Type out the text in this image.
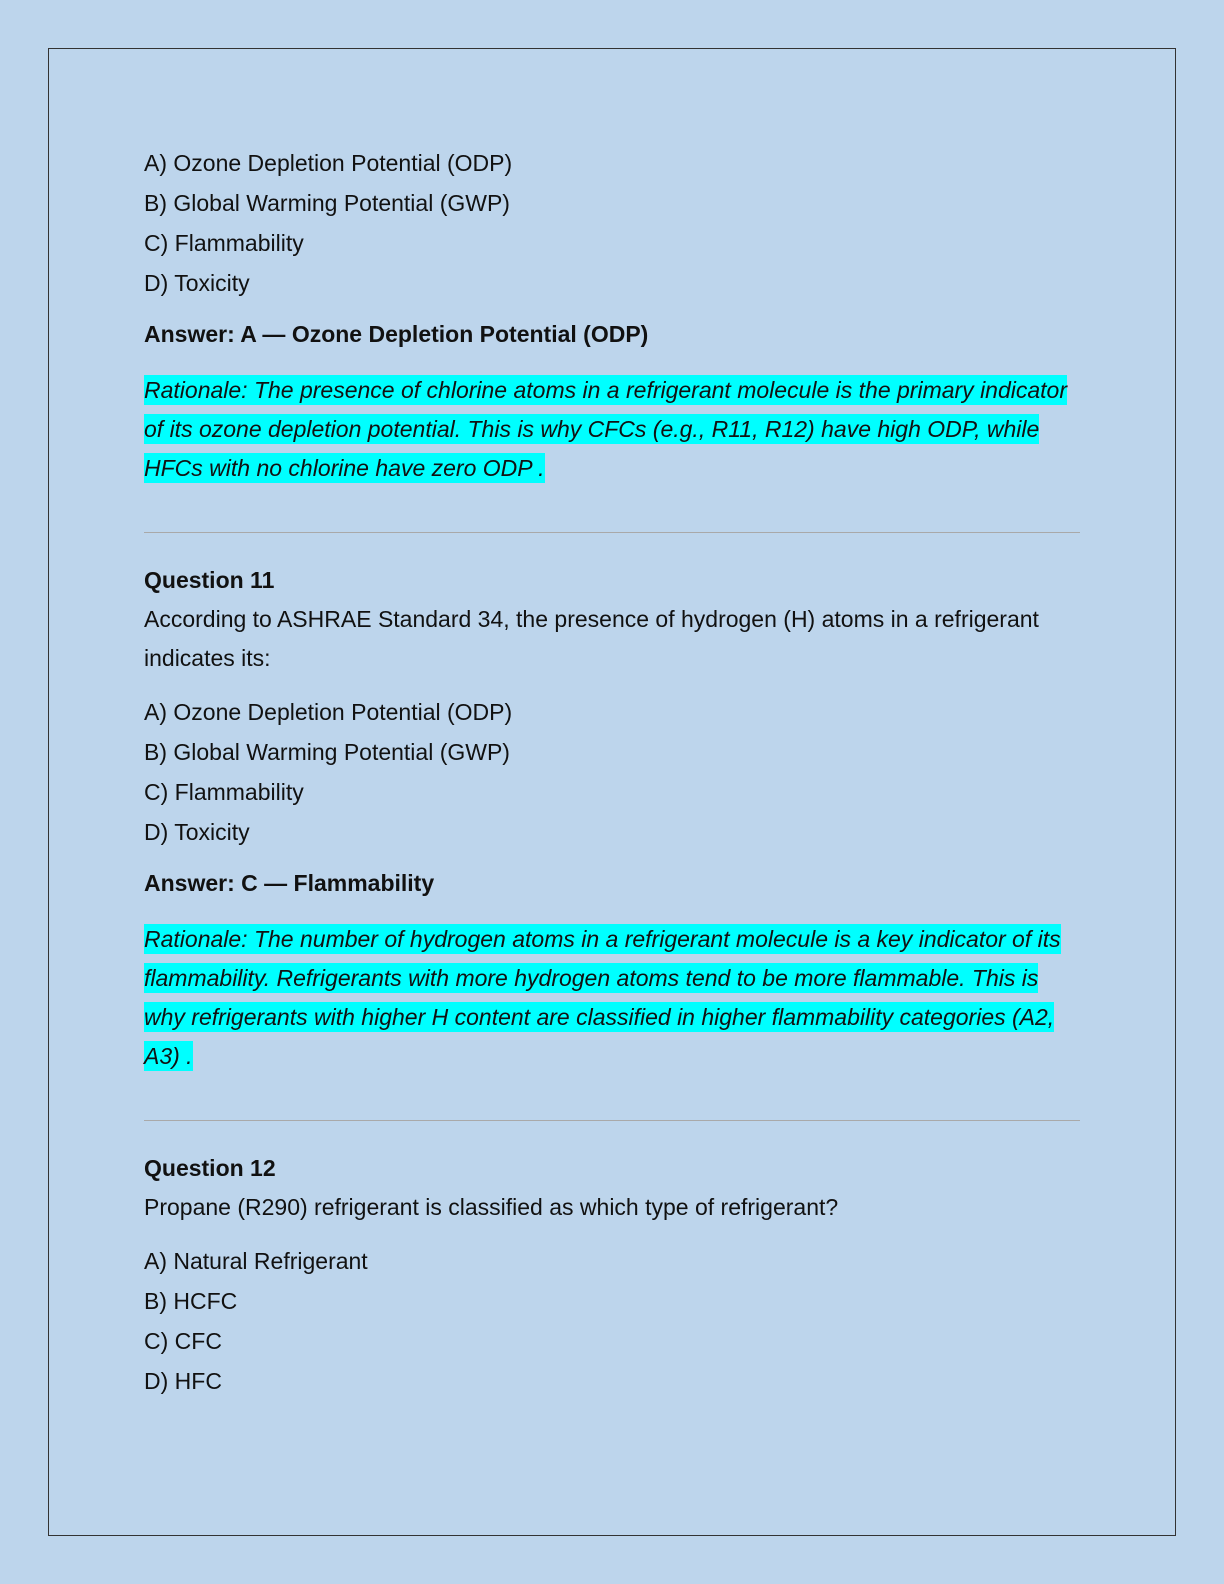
A) Ozone Depletion Potential (ODP)
B) Global Warming Potential (GWP)
C) Flammability
D) Toxicity

Answer: A — Ozone Depletion Potential (ODP)

Rationale: The presence of chlorine atoms in a refrigerant molecule is the primary indicator of its ozone depletion potential. This is why CFCs (e.g., R11, R12) have high ODP, while HFCs with no chlorine have zero ODP .

Question 11

According to ASHRAE Standard 34, the presence of hydrogen (H) atoms in a refrigerant indicates its:

A) Ozone Depletion Potential (ODP)
B) Global Warming Potential (GWP)
C) Flammability
D) Toxicity

Answer: C — Flammability

Rationale: The number of hydrogen atoms in a refrigerant molecule is a key indicator of its flammability. Refrigerants with more hydrogen atoms tend to be more flammable. This is why refrigerants with higher H content are classified in higher flammability categories (A2, A3) .

Question 12

Propane (R290) refrigerant is classified as which type of refrigerant?

A) Natural Refrigerant
B) HCFC
C) CFC
D) HFC
